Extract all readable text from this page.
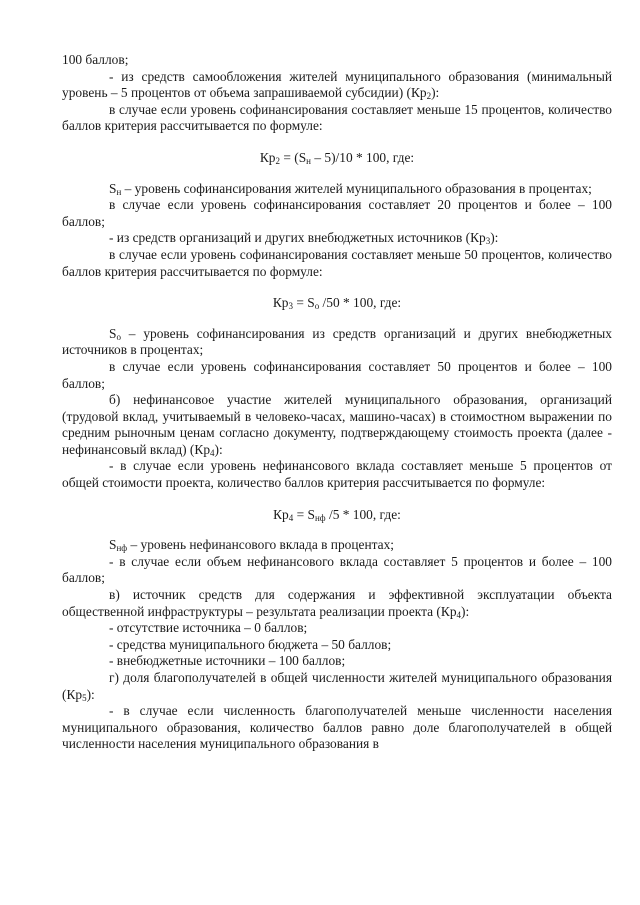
100 баллов;

- из средств самообложения жителей муниципального образования (минимальный уровень – 5 процентов от объема запрашиваемой субсидии) $(Кр_2)$:

в случае если уровень софинансирования составляет меньше 15 процентов, количество баллов критерия рассчитывается по формуле:

$Кр_2 = (S_н - 5)/10 * 100$, где:

$S_н$ – уровень софинансирования жителей муниципального образования в процентах;

в случае если уровень софинансирования составляет 20 процентов и более – 100 баллов;

- из средств организаций и других внебюджетных источников $(Кр_3)$:

в случае если уровень софинансирования составляет меньше 50 процентов, количество баллов критерия рассчитывается по формуле:

$Кр_3 = S_о$ /50 * 100, где:

$S_о$ – уровень софинансирования из средств организаций и других внебюджетных источников в процентах;

в случае если уровень софинансирования составляет 50 процентов и более – 100 баллов;

б) нефинансовое участие жителей муниципального образования, организаций (трудовой вклад, учитываемый в человеко-часах, машино-часах) в стоимостном выражении по средним рыночным ценам согласно документу, подтверждающему стоимость проекта (далее - нефинансовый вклад) $(Кр_4)$:

- в случае если уровень нефинансового вклада составляет меньше 5 процентов от общей стоимости проекта, количество баллов критерия рассчитывается по формуле:

$Кр_4 = S_{нф}$ /5 * 100, где:

$S_{нф}$ – уровень нефинансового вклада в процентах;

- в случае если объем нефинансового вклада составляет 5 процентов и более – 100 баллов;

в) источник средств для содержания и эффективной эксплуатации объекта общественной инфраструктуры – результата реализации проекта $(Кр_4)$:

- отсутствие источника – 0 баллов;

- средства муниципального бюджета – 50 баллов;

- внебюджетные источники – 100 баллов;

г) доля благополучателей в общей численности жителей муниципального образования $(Кр_5)$:

- в случае если численность благополучателей меньше численности населения муниципального образования, количество баллов равно доле благополучателей в общей численности населения муниципального образования в
